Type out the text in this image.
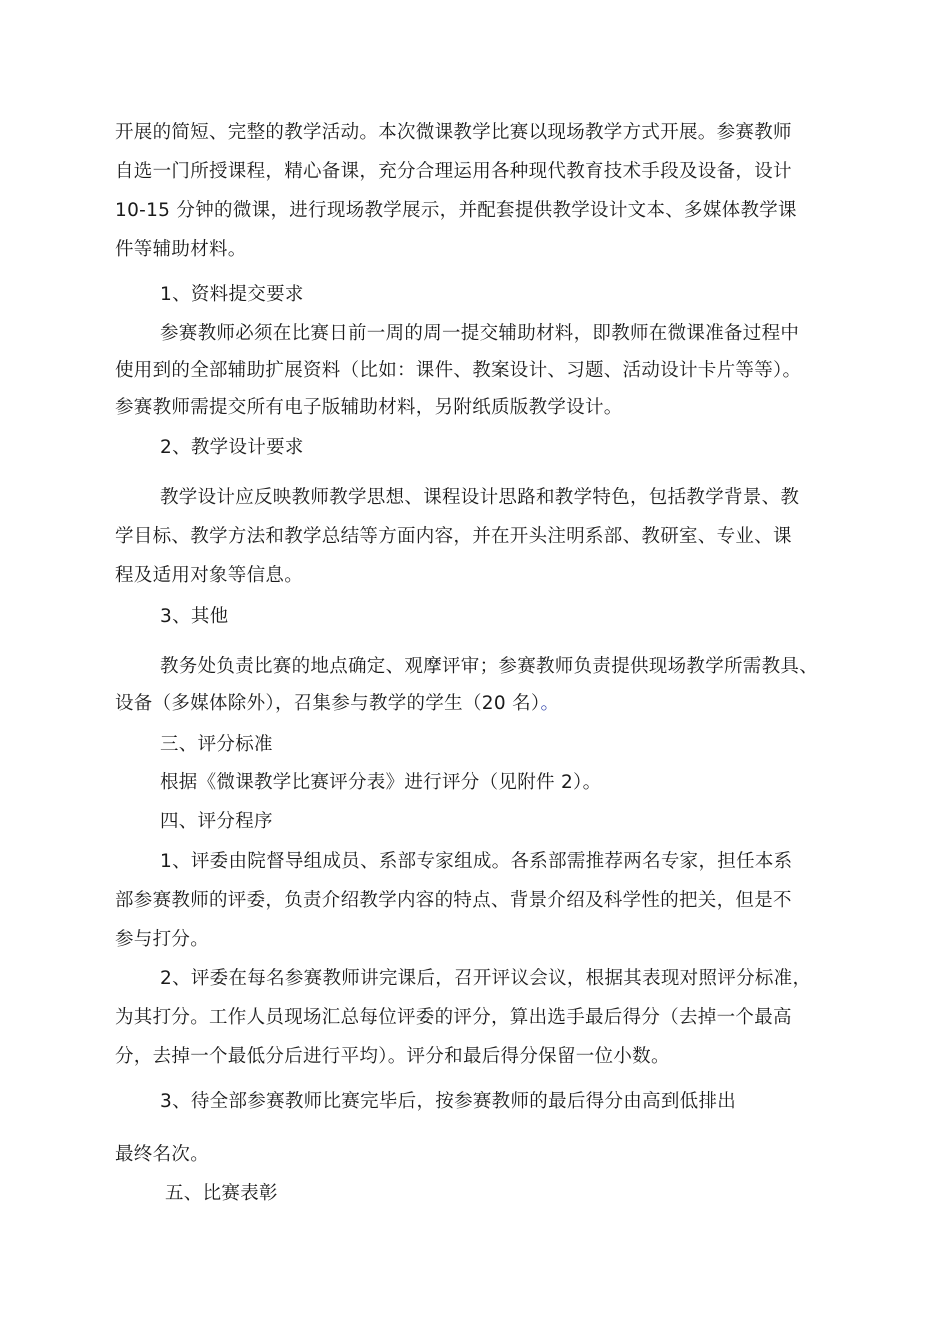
开展的简短、完整的教学活动。本次微课教学比赛以现场教学方式开展。参赛教师
自选一门所授课程，精心备课，充分合理运用各种现代教育技术手段及设备，设计
10-15 分钟的微课，进行现场教学展示，并配套提供教学设计文本、多媒体教学课
件等辅助材料。
1、资料提交要求
参赛教师必须在比赛日前一周的周一提交辅助材料，即教师在微课准备过程中
使用到的全部辅助扩展资料（比如：课件、教案设计、习题、活动设计卡片等等）。
参赛教师需提交所有电子版辅助材料，另附纸质版教学设计。
2、教学设计要求
教学设计应反映教师教学思想、课程设计思路和教学特色，包括教学背景、教
学目标、教学方法和教学总结等方面内容，并在开头注明系部、教研室、专业、课
程及适用对象等信息。
3、其他
教务处负责比赛的地点确定、观摩评审；参赛教师负责提供现场教学所需教具、
设备（多媒体除外），召集参与教学的学生（20 名）。
三、评分标准
根据《微课教学比赛评分表》进行评分（见附件 2）。
四、评分程序
1、评委由院督导组成员、系部专家组成。各系部需推荐两名专家，担任本系
部参赛教师的评委，负责介绍教学内容的特点、背景介绍及科学性的把关，但是不
参与打分。
2、评委在每名参赛教师讲完课后，召开评议会议，根据其表现对照评分标准，
为其打分。工作人员现场汇总每位评委的评分，算出选手最后得分（去掉一个最高
分，去掉一个最低分后进行平均）。评分和最后得分保留一位小数。
3、待全部参赛教师比赛完毕后，按参赛教师的最后得分由高到低排出
最终名次。
五、比赛表彰
